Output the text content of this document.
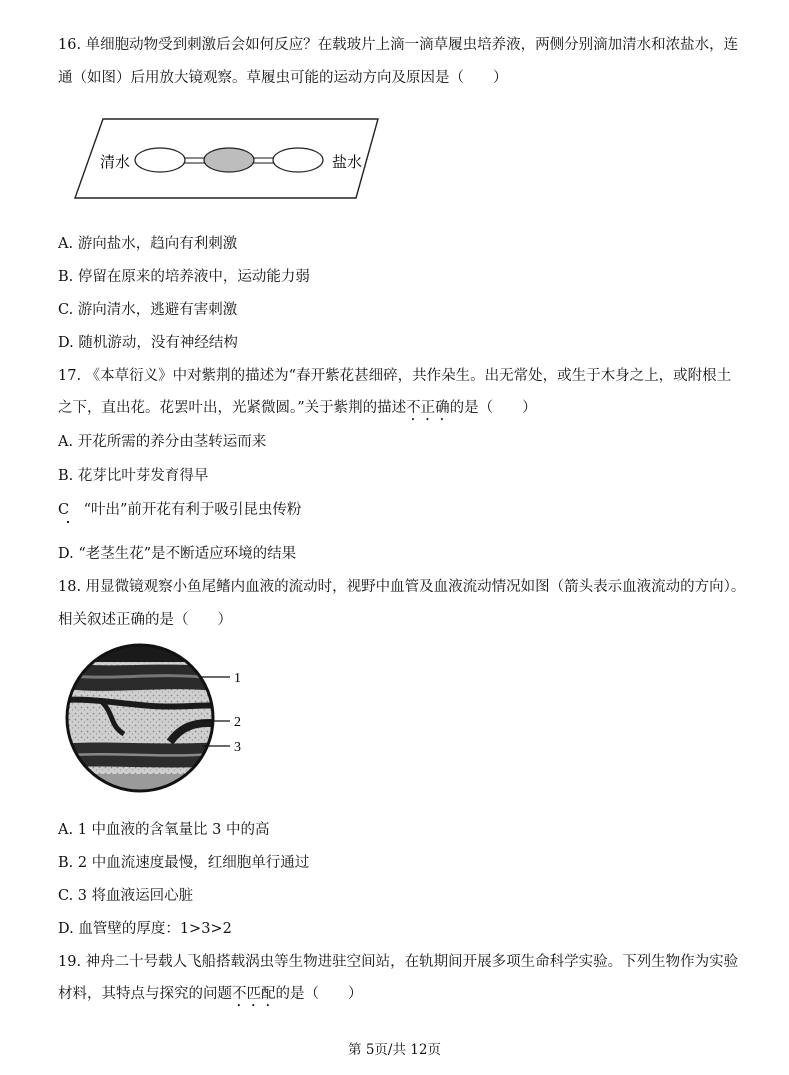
16. 单细胞动物受到刺激后会如何反应？在载玻片上滴一滴草履虫培养液，两侧分别滴加清水和浓盐水，连
通（如图）后用放大镜观察。草履虫可能的运动方向及原因是（　　）
清水	盐水
A. 游向盐水，趋向有利刺激
B. 停留在原来的培养液中，运动能力弱
C. 游向清水，逃避有害刺激
D. 随机游动，没有神经结构
17. 《本草衍义》中对紫荆的描述为“春开紫花甚细碎，共作朵生。出无常处，或生于木身之上，或附根土
之下，直出花。花罢叶出，光紧微圆。”关于紫荆的描述不正确的是（　　）
A. 开花所需的养分由茎转运而来
B. 花芽比叶芽发育得早
C　“叶出”前开花有利于吸引昆虫传粉
D. “老茎生花”是不断适应环境的结果
18. 用显微镜观察小鱼尾鳍内血液的流动时，视野中血管及血液流动情况如图（箭头表示血液流动的方向）。
相关叙述正确的是（　　）
1
2
3
A. 1 中血液的含氧量比 3 中的高
B. 2 中血流速度最慢，红细胞单行通过
C. 3 将血液运回心脏
D. 血管壁的厚度：1>3>2
19. 神舟二十号载人飞船搭载涡虫等生物进驻空间站，在轨期间开展多项生命科学实验。下列生物作为实验
材料，其特点与探究的问题不匹配的是（　　）
第 5页/共 12页
